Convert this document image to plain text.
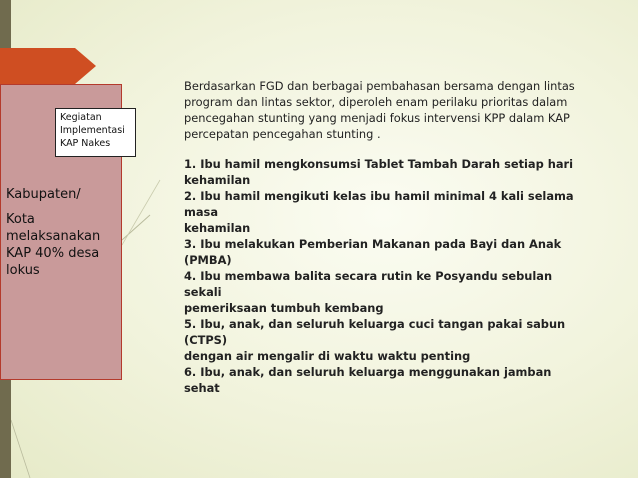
Kegiatan
Implementasi
KAP Nakes
Kabupaten/
Kota
melaksanakan
KAP 40% desa
lokus

Berdasarkan FGD dan berbagai pembahasan bersama dengan lintas
program dan lintas sektor, diperoleh enam perilaku prioritas dalam
pencegahan stunting yang menjadi fokus intervensi KPP dalam KAP
percepatan pencegahan stunting .

1. Ibu hamil mengkonsumsi Tablet Tambah Darah setiap hari
kehamilan
2. Ibu hamil mengikuti kelas ibu hamil minimal 4 kali selama masa
kehamilan
3. Ibu melakukan Pemberian Makanan pada Bayi dan Anak (PMBA)
4. Ibu membawa balita secara rutin ke Posyandu sebulan sekali
pemeriksaan tumbuh kembang
5. Ibu, anak, dan seluruh keluarga cuci tangan pakai sabun (CTPS)
dengan air mengalir di waktu waktu penting
6. Ibu, anak, dan seluruh keluarga menggunakan jamban sehat
